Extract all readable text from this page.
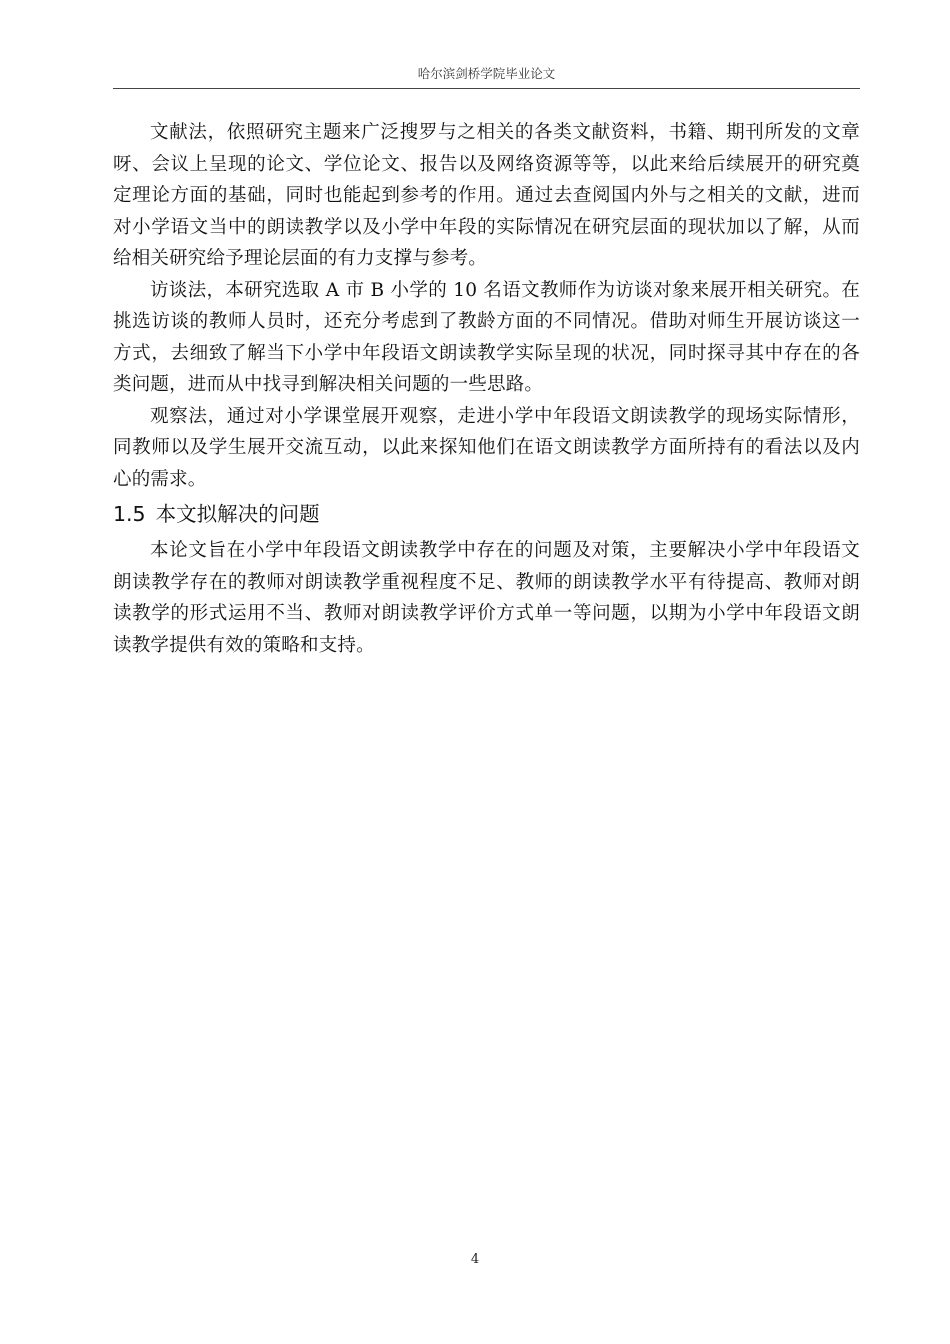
哈尔滨剑桥学院毕业论文

文献法，依照研究主题来广泛搜罗与之相关的各类文献资料，书籍、期刊所发的文章呀、会议上呈现的论文、学位论文、报告以及网络资源等等，以此来给后续展开的研究奠定理论方面的基础，同时也能起到参考的作用。通过去查阅国内外与之相关的文献，进而对小学语文当中的朗读教学以及小学中年段的实际情况在研究层面的现状加以了解，从而给相关研究给予理论层面的有力支撑与参考。

访谈法，本研究选取 A 市 B 小学的 10 名语文教师作为访谈对象来展开相关研究。在 挑选访谈的教师人员时，还充分考虑到了教龄方面的不同情况。借助对师生开展访谈这一 方式，去细致了解当下小学中年段语文朗读教学实际呈现的状况，同时探寻其中存在的各 类问题，进而从中找寻到解决相关问题的一些思路。

观察法，通过对小学课堂展开观察，走进小学中年段语文朗读教学的现场实际情形，同教师以及学生展开交流互动，以此来探知他们在语文朗读教学方面所持有的看法以及内心的需求。

1.5 本文拟解决的问题

本论文旨在小学中年段语文朗读教学中存在的问题及对策，主要解决小学中年段语文朗读教学存在的教师对朗读教学重视程度不足、教师的朗读教学水平有待提高、教师对朗读教学的形式运用不当、教师对朗读教学评价方式单一等问题，以期为小学中年段语文朗读教学提供有效的策略和支持。

4
